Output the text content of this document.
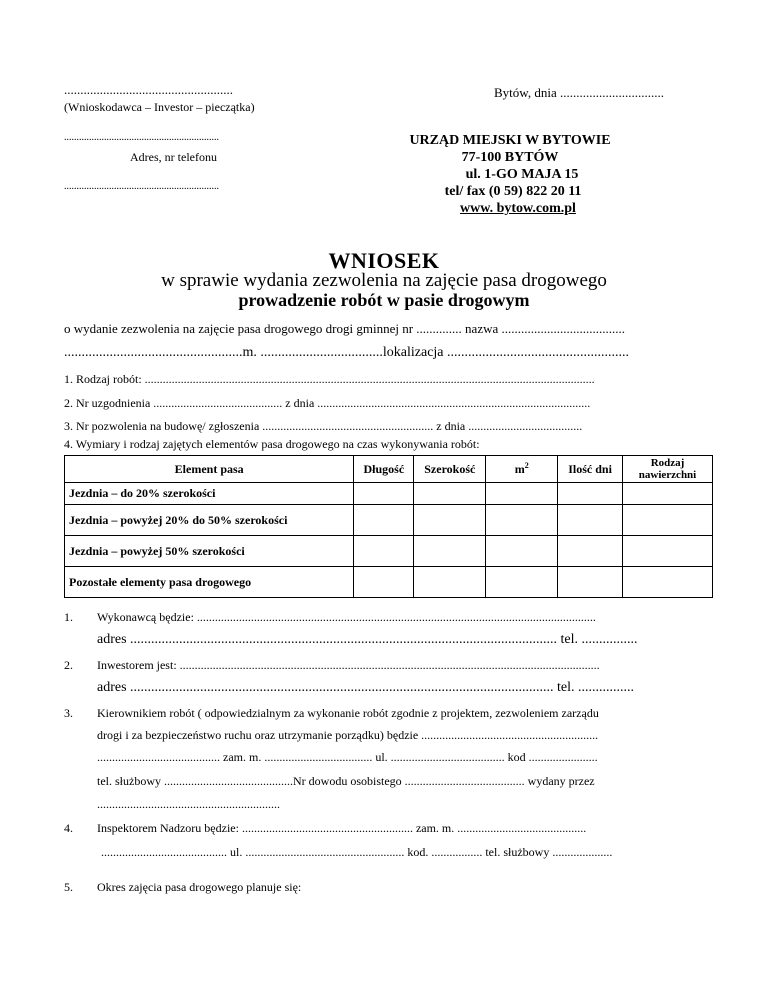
....................................................
(Wnioskodawca – Investor – pieczątka)
..............................................................
Adres, nr telefonu
..............................................................
Bytów, dnia ................................
URZĄD MIEJSKI W BYTOWIE
77-100 BYTÓW
ul. 1-GO MAJA 15
tel/ fax (0 59) 822 20 11
www. bytow.com.pl
WNIOSEK
w sprawie wydania zezwolenia na zajęcie pasa drogowego
prowadzenie robót w pasie drogowym
o wydanie zezwolenia na zajęcie pasa drogowego drogi gminnej nr .............. nazwa ......................................
...................................................m. ...................................lokalizacja ....................................................
1. Rodzaj robót: ......................................................................................................................................................
2. Nr uzgodnienia ........................................... z dnia ...........................................................................................
3. Nr pozwolenia na budowę/ zgłoszenia ......................................................... z dnia ......................................
4. Wymiary i rodzaj zajętych elementów pasa drogowego na czas wykonywania robót:
Element pasa	Długość	Szerokość	$m^2$	Ilość dni	Rodzaj nawierzchni
Jezdnia – do 20% szerokości					
Jezdnia – powyżej 20% do 50% szerokości					
Jezdnia – powyżej 50% szerokości					
Pozostałe elementy pasa drogowego					
1. Wykonawcą będzie: .....................................................................................................................................
adres .......................................................................................................................... tel. ................
2. Inwestorem jest: ............................................................................................................................................
adres ......................................................................................................................... tel. ................
3. Kierownikiem robót ( odpowiedzialnym za wykonanie robót zgodnie z projektem, zezwoleniem zarządu
drogi i za bezpieczeństwo ruchu oraz utrzymanie porządku) będzie ...........................................................
......................................... zam. m. .................................... ul. ...................................... kod .......................
tel. służbowy ...........................................Nr dowodu osobistego ........................................ wydany przez
.............................................................
4. Inspektorem Nadzoru będzie: ......................................................... zam. m. ...........................................
.......................................... ul. ..................................................... kod. ................. tel. służbowy ....................
5. Okres zajęcia pasa drogowego planuje się:
